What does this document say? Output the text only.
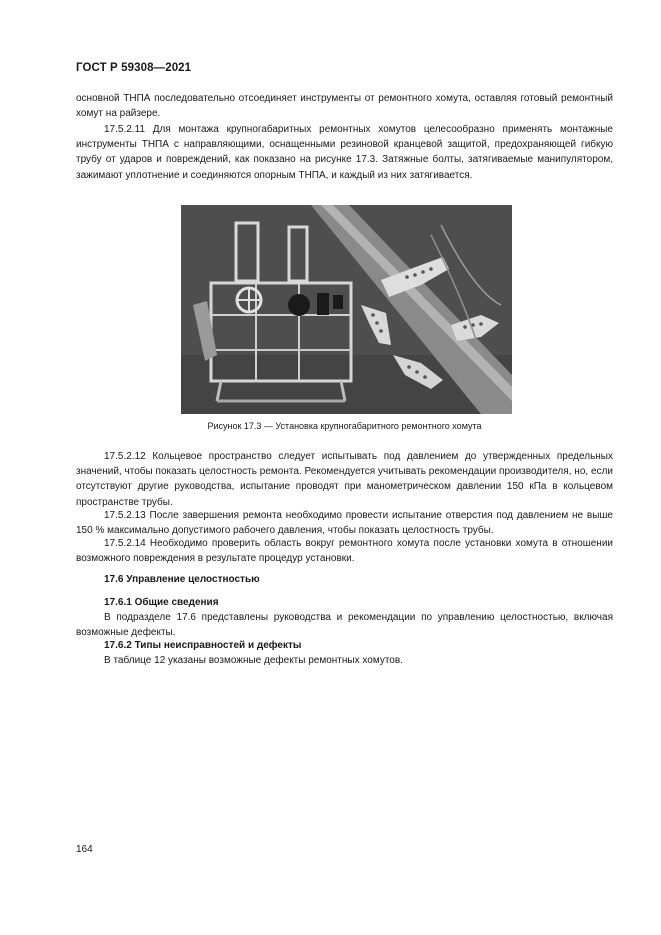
ГОСТ Р 59308—2021

основной ТНПА последовательно отсоединяет инструменты от ремонтного хомута, оставляя готовый ремонтный хомут на райзере.

17.5.2.11 Для монтажа крупногабаритных ремонтных хомутов целесообразно применять монтажные инструменты ТНПА с направляющими, оснащенными резиновой кранцевой защитой, предохраняющей гибкую трубу от ударов и повреждений, как показано на рисунке 17.3. Затяжные болты, затягиваемые манипулятором, зажимают уплотнение и соединяются опорным ТНПА, и каждый из них затягивается.

Рисунок 17.3 — Установка крупногабаритного ремонтного хомута

17.5.2.12 Кольцевое пространство следует испытывать под давлением до утвержденных предельных значений, чтобы показать целостность ремонта. Рекомендуется учитывать рекомендации производителя, но, если отсутствуют другие руководства, испытание проводят при манометрическом давлении 150 кПа в кольцевом пространстве трубы.

17.5.2.13 После завершения ремонта необходимо провести испытание отверстия под давлением не выше 150 % максимально допустимого рабочего давления, чтобы показать целостность трубы.

17.5.2.14 Необходимо проверить область вокруг ремонтного хомута после установки хомута в отношении возможного повреждения в результате процедур установки.

17.6 Управление целостностью
17.6.1 Общие сведения

В подразделе 17.6 представлены руководства и рекомендации по управлению целостностью, включая возможные дефекты.

17.6.2 Типы неисправностей и дефекты

В таблице 12 указаны возможные дефекты ремонтных хомутов.

164
